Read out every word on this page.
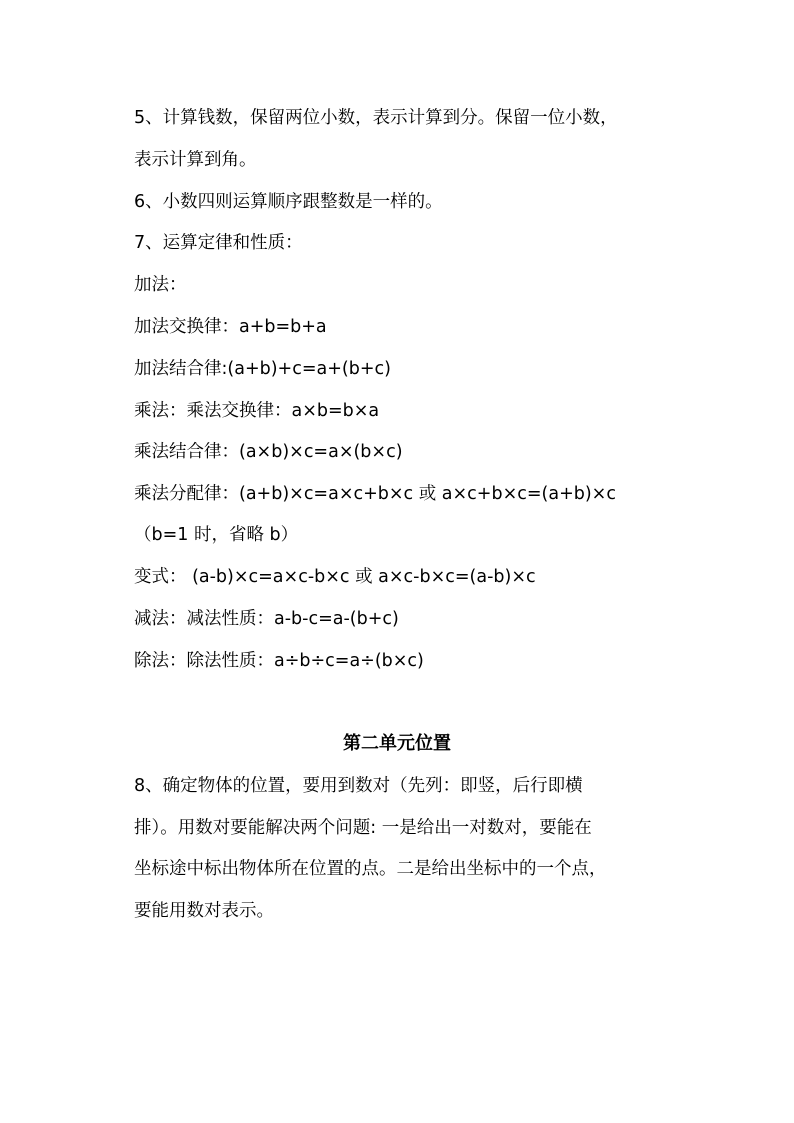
5、计算钱数，保留两位小数，表示计算到分。保留一位小数，
表示计算到角。
6、小数四则运算顺序跟整数是一样的。
7、运算定律和性质：
加法：
加法交换律：a+b=b+a
加法结合律:(a+b)+c=a+(b+c)
乘法：乘法交换律：a×b=b×a
乘法结合律：(a×b)×c=a×(b×c)
乘法分配律：(a+b)×c=a×c+b×c 或 a×c+b×c=(a+b)×c
（b=1 时，省略 b）
变式： (a-b)×c=a×c-b×c 或 a×c-b×c=(a-b)×c
减法：减法性质：a-b-c=a-(b+c)
除法：除法性质：a÷b÷c=a÷(b×c)
第二单元位置
8、确定物体的位置，要用到数对（先列：即竖，后行即横
排）。用数对要能解决两个问题: 一是给出一对数对，要能在
坐标途中标出物体所在位置的点。二是给出坐标中的一个点，
要能用数对表示。
